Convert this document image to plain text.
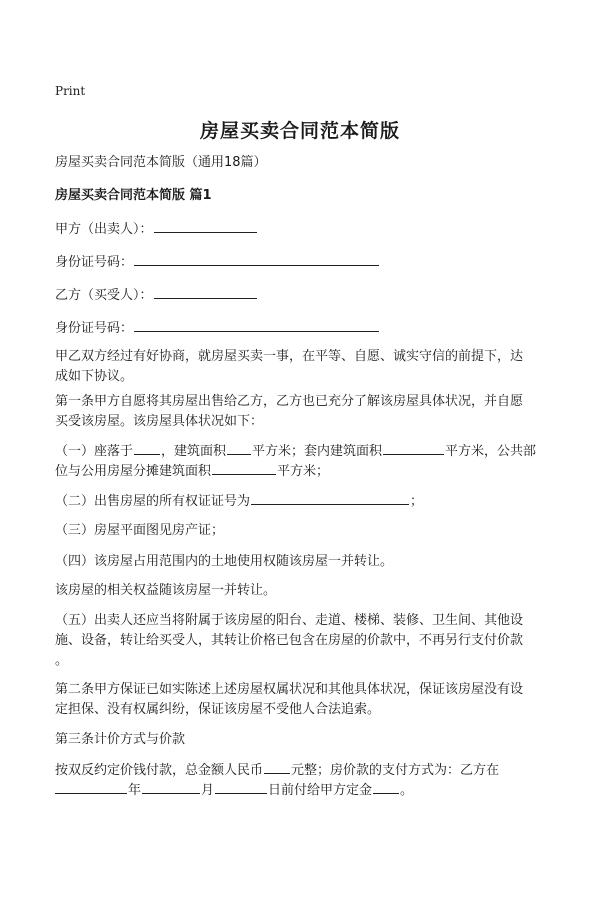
Print
房屋买卖合同范本简版
房屋买卖合同范本简版（通用18篇）
房屋买卖合同范本简版 篇1
甲方（出卖人）：
身份证号码：
乙方（买受人）：
身份证号码：
甲乙双方经过有好协商，就房屋买卖一事，在平等、自愿、诚实守信的前提下，达
成如下协议。
第一条甲方自愿将其房屋出售给乙方，乙方也已充分了解该房屋具体状况，并自愿
买受该房屋。该房屋具体状况如下：
（一）座落于 ，建筑面积 平方米；套内建筑面积	平方米，公共部
位与公用房屋分摊建筑面积	平方米；
（二）出售房屋的所有权证证号为	；
（三）房屋平面图见房产证；
（四）该房屋占用范围内的土地使用权随该房屋一并转让。
该房屋的相关权益随该房屋一并转让。
（五）出卖人还应当将附属于该房屋的阳台、走道、楼梯、装修、卫生间、其他设
施、设备，转让给买受人，其转让价格已包含在房屋的价款中，不再另行支付价款
。
第二条甲方保证已如实陈述上述房屋权属状况和其他具体状况，保证该房屋没有设
定担保、没有权属纠纷，保证该房屋不受他人合法追索。
第三条计价方式与价款
按双反约定价钱付款，总金额人民币 元整；房价款的支付方式为：乙方在
年	月	日前付给甲方定金 。
